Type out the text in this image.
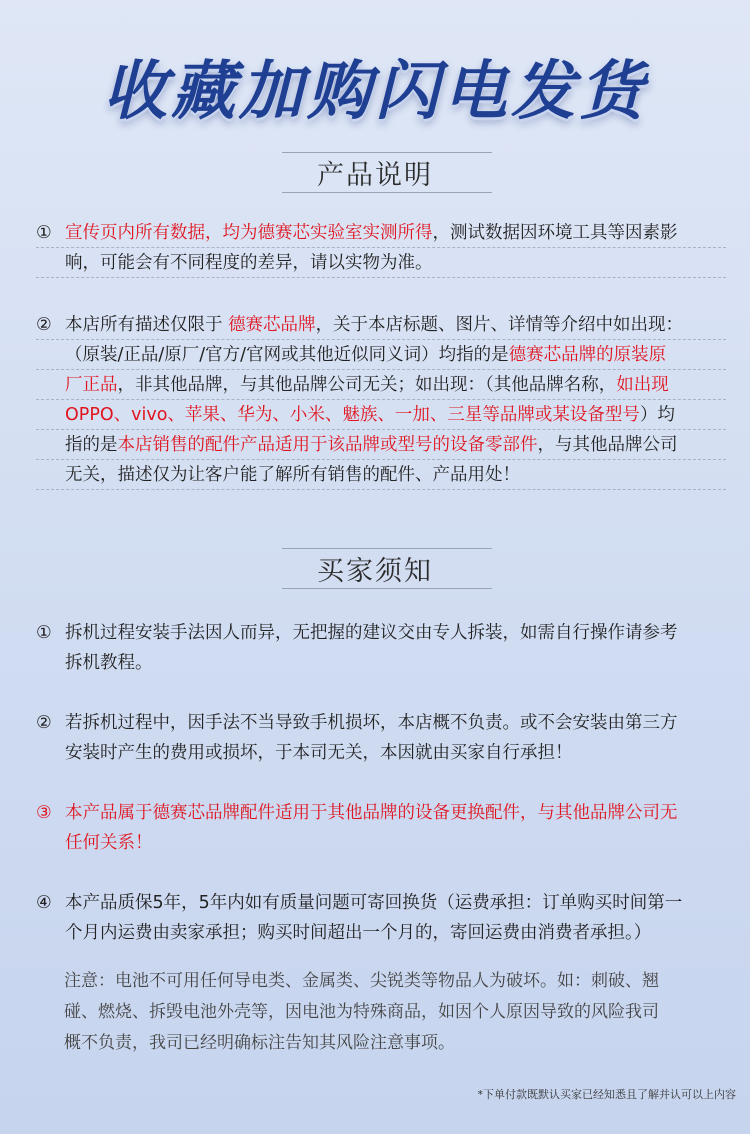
收藏加购闪电发货
产品说明
① 宣传页内所有数据，均为德赛芯实验室实测所得，测试数据因环境工具等因素影
响，可能会有不同程度的差异，请以实物为准。
② 本店所有描述仅限于 德赛芯品牌，关于本店标题、图片、详情等介绍中如出现：
（原装/正品/原厂/官方/官网或其他近似同义词）均指的是德赛芯品牌的原装原
厂正品，非其他品牌，与其他品牌公司无关；如出现：（其他品牌名称，如出现
OPPO、vivo、苹果、华为、小米、魅族、一加、三星等品牌或某设备型号）均
指的是本店销售的配件产品适用于该品牌或型号的设备零部件，与其他品牌公司
无关，描述仅为让客户能了解所有销售的配件、产品用处！
买家须知
① 拆机过程安装手法因人而异，无把握的建议交由专人拆装，如需自行操作请参考
拆机教程。
② 若拆机过程中，因手法不当导致手机损坏，本店概不负责。或不会安装由第三方
安装时产生的费用或损坏，于本司无关，本因就由买家自行承担！
③ 本产品属于德赛芯品牌配件适用于其他品牌的设备更换配件，与其他品牌公司无
任何关系！
④ 本产品质保5年，5年内如有质量问题可寄回换货（运费承担：订单购买时间第一
个月内运费由卖家承担；购买时间超出一个月的，寄回运费由消费者承担。）
注意：电池不可用任何导电类、金属类、尖锐类等物品人为破坏。如：刺破、翘
碰、燃烧、拆毁电池外壳等，因电池为特殊商品，如因个人原因导致的风险我司
概不负责，我司已经明确标注告知其风险注意事项。
*下单付款既默认买家已经知悉且了解并认可以上内容
